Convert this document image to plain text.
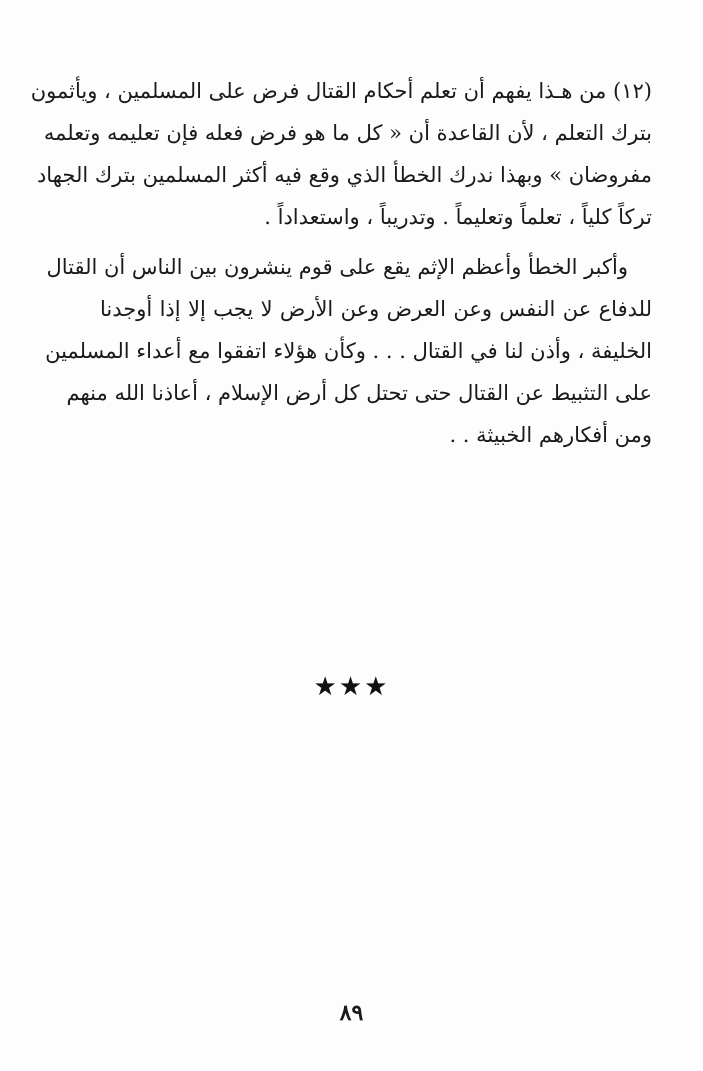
(١٢) من هـذا يفهم أن تعلم أحكام القتال فرض على المسلمين ، ويأثمون
بترك التعلم ، لأن القاعدة أن « كل ما هو فرض فعله فإن تعليمه وتعلمه
مفروضان » وبهذا ندرك الخطأ الذي وقع فيه أكثر المسلمين بترك الجهاد
تركاً كلياً ، تعلماً وتعليماً . وتدريباً ، واستعداداً .

وأكبر الخطأ وأعظم الإثم يقع على قوم ينشرون بين الناس أن القتال
للدفاع عن النفس وعن العرض وعن الأرض لا يجب إلا إذا أوجدنا
الخليفة ، وأذن لنا في القتال . . . وكأن هؤلاء اتفقوا مع أعداء المسلمين
على التثبيط عن القتال حتى تحتل كل أرض الإسلام ، أعاذنا الله منهم
ومن أفكارهم الخبيثة . .

★★★
٨٩
